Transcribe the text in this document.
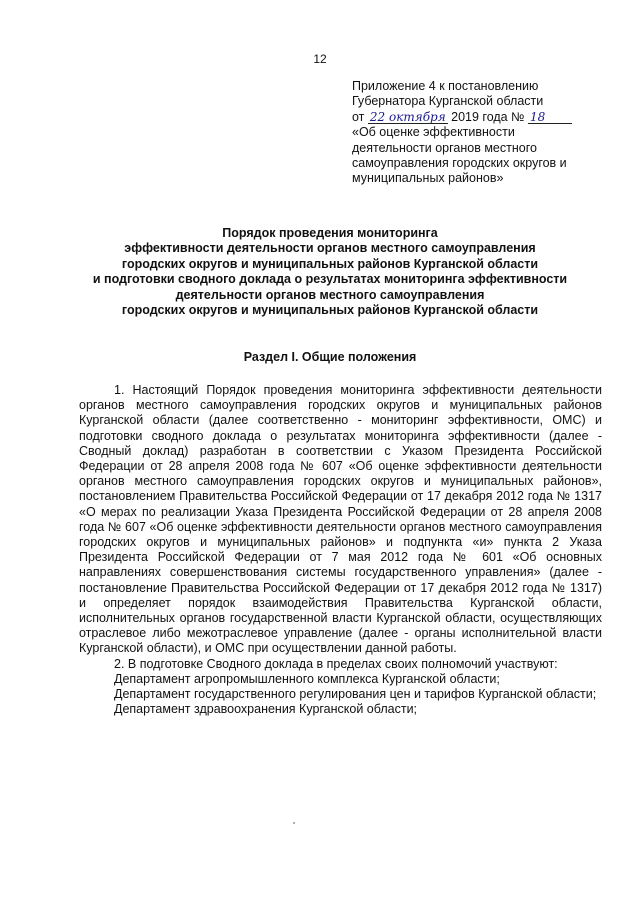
12
Приложение 4 к постановлению
Губернатора Курганской области
от 22 октября 2019 года № 18
«Об оценке эффективности
деятельности органов местного
самоуправления городских округов и
муниципальных районов»
Порядок проведения мониторинга
эффективности деятельности органов местного самоуправления
городских округов и муниципальных районов Курганской области
и подготовки сводного доклада о результатах мониторинга эффективности
деятельности органов местного самоуправления
городских округов и муниципальных районов Курганской области
Раздел I. Общие положения

1. Настоящий Порядок проведения мониторинга эффективности деятельности органов местного самоуправления городских округов и муниципальных районов Курганской области (далее соответственно - мониторинг эффективности, ОМС) и подготовки сводного доклада о результатах мониторинга эффективности (далее - Сводный доклад) разработан в соответствии с Указом Президента Российской Федерации от 28 апреля 2008 года № 607 «Об оценке эффективности деятельности органов местного самоуправления городских округов и муниципальных районов», постановлением Правительства Российской Федерации от 17 декабря 2012 года № 1317 «О мерах по реализации Указа Президента Российской Федерации от 28 апреля 2008 года № 607 «Об оценке эффективности деятельности органов местного самоуправления городских округов и муниципальных районов» и подпункта «и» пункта 2 Указа Президента Российской Федерации от 7 мая 2012 года № 601 «Об основных направлениях совершенствования системы государственного управления» (далее - постановление Правительства Российской Федерации от 17 декабря 2012 года № 1317) и определяет порядок взаимодействия Правительства Курганской области, исполнительных органов государственной власти Курганской области, осуществляющих отраслевое либо межотраслевое управление (далее - органы исполнительной власти Курганской области), и ОМС при осуществлении данной работы.

2. В подготовке Сводного доклада в пределах своих полномочий участвуют:

Департамент агропромышленного комплекса Курганской области;

Департамент государственного регулирования цен и тарифов Курганской области;

Департамент здравоохранения Курганской области;
